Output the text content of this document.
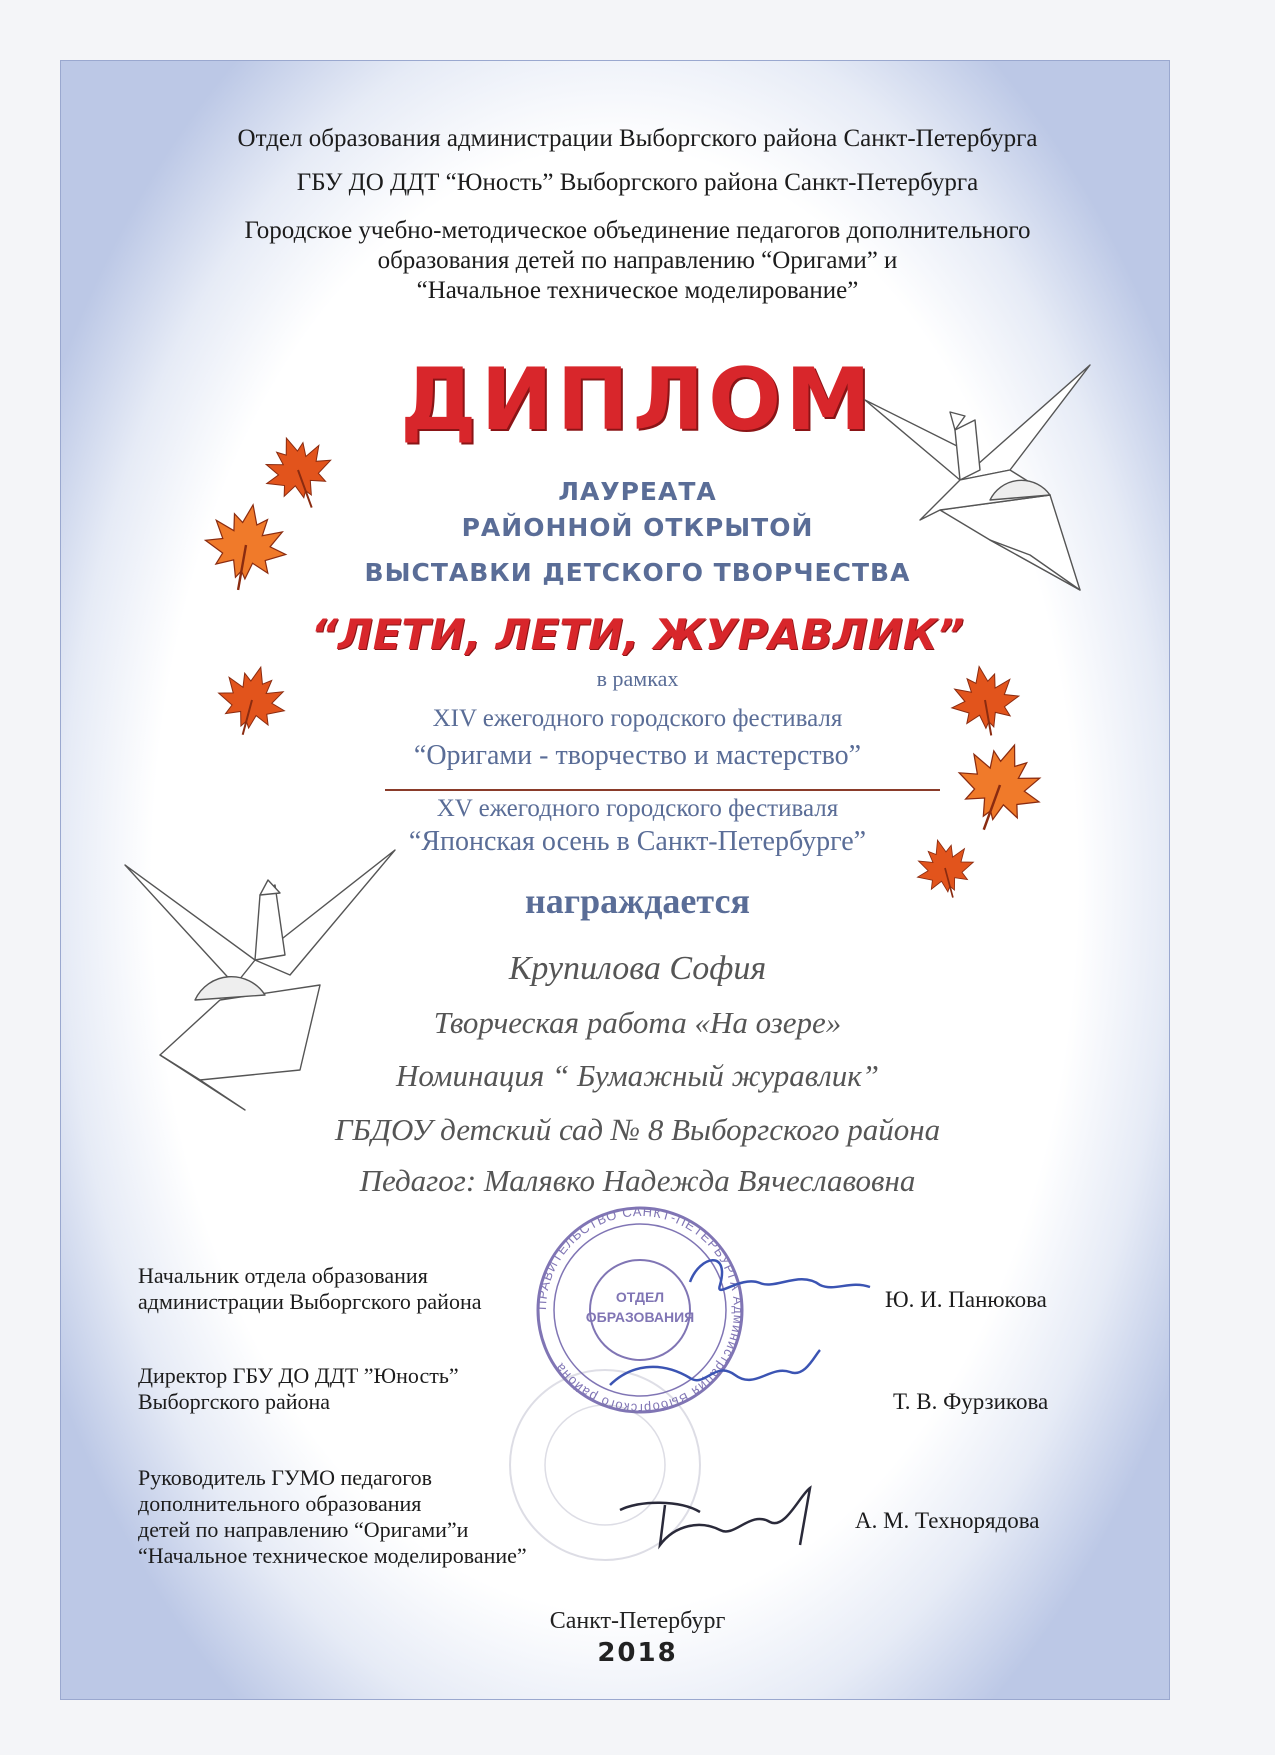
Отдел образования администрации Выборгского района Санкт-Петербурга
ГБУ ДО ДДТ “Юность” Выборгского района Санкт-Петербурга
Городское учебно-методическое объединение педагогов дополнительного
образования детей по направлению “Оригами” и
“Начальное техническое моделирование”
ДИПЛОМ
ЛАУРЕАТА
РАЙОННОЙ ОТКРЫТОЙ
ВЫСТАВКИ ДЕТСКОГО ТВОРЧЕСТВА
“ЛЕТИ, ЛЕТИ, ЖУРАВЛИК”
в рамках
XIV ежегодного городского фестиваля
“Оригами - творчество и мастерство”
XV ежегодного городского фестиваля
“Японская осень в Санкт-Петербурге”
награждается
Крупилова София
Творческая работа «На озере»
Номинация “ Бумажный журавлик”
ГБДОУ детский сад № 8 Выборгского района
Педагог: Малявко Надежда Вячеславовна
Начальник отдела образования
администрации Выборгского района	Ю. И. Панюкова
Директор ГБУ ДО ДДТ ”Юность”
Выборгского района	Т. В. Фурзикова
Руководитель ГУМО педагогов
дополнительного образования
детей по направлению “Оригами”и
“Начальное техническое моделирование”
А. М. Технорядова
ПРАВИТЕЛЬСТВО САНКТ-ПЕТЕРБУРГА Администрация Выборгского района
ОТДЕЛ
ОБРАЗОВАНИЯ
Санкт-Петербург
2018
